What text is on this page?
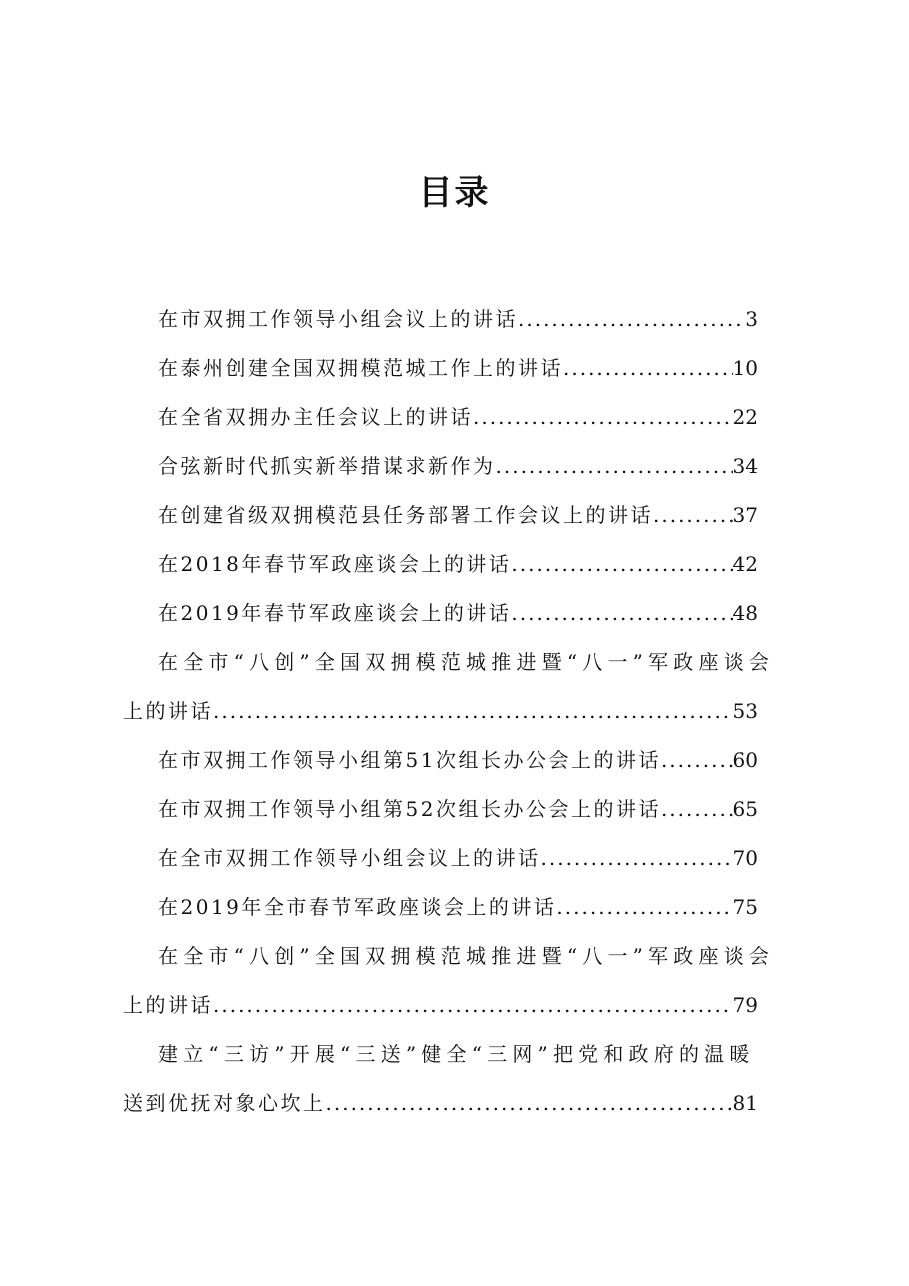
目录
在市双拥工作领导小组会议上的讲话 .....	3
在泰州创建全国双拥模范城工作上的讲话 .....	10
在全省双拥办主任会议上的讲话 .....	22
合弦新时代抓实新举措谋求新作为 .....	34
在创建省级双拥模范县任务部署工作会议上的讲话 .....	37
在2018年春节军政座谈会上的讲话 .....	42
在2019年春节军政座谈会上的讲话 .....	48
在全市“八创”全国双拥模范城推进暨“八一”军政座谈会
上的讲话 .....	53
在市双拥工作领导小组第51次组长办公会上的讲话 .....	60
在市双拥工作领导小组第52次组长办公会上的讲话 .....	65
在全市双拥工作领导小组会议上的讲话 .....	70
在2019年全市春节军政座谈会上的讲话 .....	75
在全市“八创”全国双拥模范城推进暨“八一”军政座谈会
上的讲话 .....	79
建立“三访”开展“三送”健全“三网”把党和政府的温暖
送到优抚对象心坎上 .....	81
